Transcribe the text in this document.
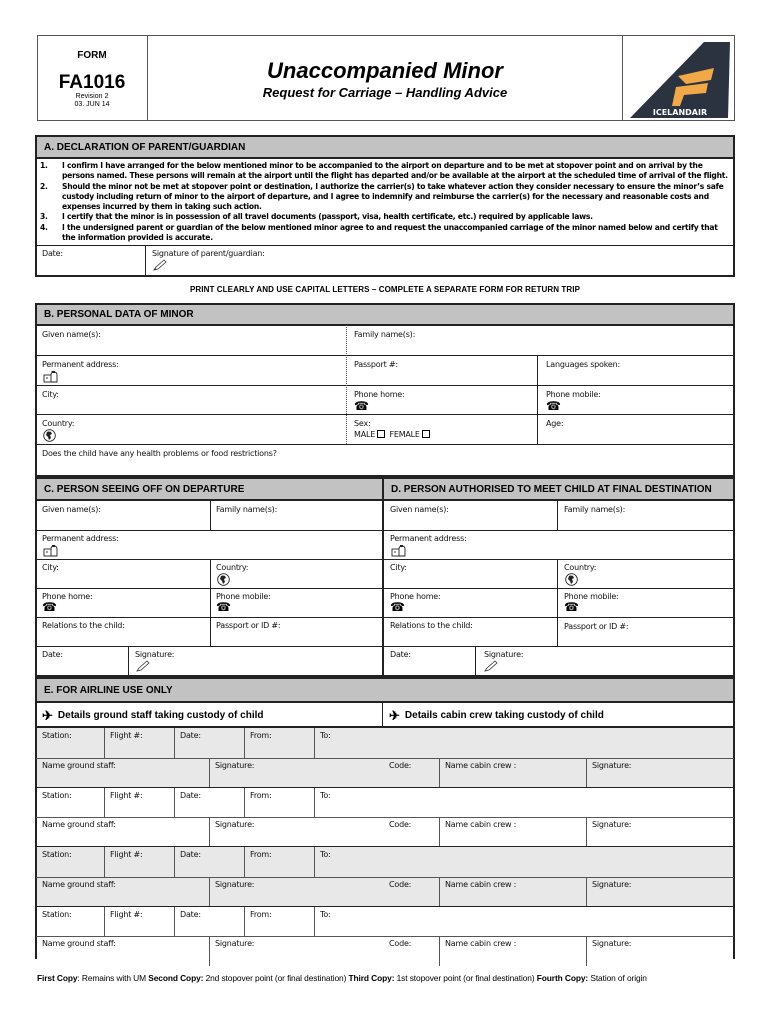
FORM
FA1016
Revision 2
03. JUN 14
Unaccompanied Minor
Request for Carriage – Handling Advice
ICELANDAIR
A. DECLARATION OF PARENT/GUARDIAN
1.	I confirm I have arranged for the below mentioned minor to be accompanied to the airport on departure and to be met at stopover point and on arrival by the persons named. These persons will remain at the airport until the flight has departed and/or be available at the airport at the scheduled time of arrival of the flight.
2.	Should the minor not be met at stopover point or destination, I authorize the carrier(s) to take whatever action they consider necessary to ensure the minor’s safe custody including return of minor to the airport of departure, and I agree to indemnify and reimburse the carrier(s) for the necessary and reasonable costs and expenses incurred by them in taking such action.
3.	I certify that the minor is in possession of all travel documents (passport, visa, health certificate, etc.) required by applicable laws.
4.	I the undersigned parent or guardian of the below mentioned minor agree to and request the unaccompanied carriage of the minor named below and certify that the information provided is accurate.
Date:	Signature of parent/guardian:
PRINT CLEARLY AND USE CAPITAL LETTERS – COMPLETE A SEPARATE FORM FOR RETURN TRIP
B. PERSONAL DATA OF MINOR
Given name(s):	Family name(s):
Permanent address:	Passport #:	Languages spoken:
City:	Phone home:
☎
Phone mobile:
☎
Country:	Sex:
MALE FEMALE
Age:
Does the child have any health problems or food restrictions?
C. PERSON SEEING OFF ON DEPARTURE	D. PERSON AUTHORISED TO MEET CHILD AT FINAL DESTINATION
Given name(s):	Family name(s):
Permanent address:
City:	Country:
Phone home:
☎
Phone mobile:
☎
Relations to the child:	Passport or ID #:
Date:	Signature:
Given name(s):	Family name(s):
Permanent address:
City:	Country:
Phone home:
☎
Phone mobile:
☎
Relations to the child:	Passport or ID #:
Date:	Signature:
E. FOR AIRLINE USE ONLY
✈ Details ground staff taking custody of child	✈ Details cabin crew taking custody of child
Station:	Flight #:	Date:	From:	To:
Name ground staff:	Signature:	Code:	Name cabin crew :	Signature:
Station:	Flight #:	Date:	From:	To:
Name ground staff:	Signature:	Code:	Name cabin crew :	Signature:
Station:	Flight #:	Date:	From:	To:
Name ground staff:	Signature:	Code:	Name cabin crew :	Signature:
Station:	Flight #:	Date:	From:	To:
Name ground staff:	Signature:	Code:	Name cabin crew :	Signature:
First Copy: Remains with UM Second Copy: 2nd stopover point (or final destination) Third Copy: 1st stopover point (or final destination) Fourth Copy: Station of origin
